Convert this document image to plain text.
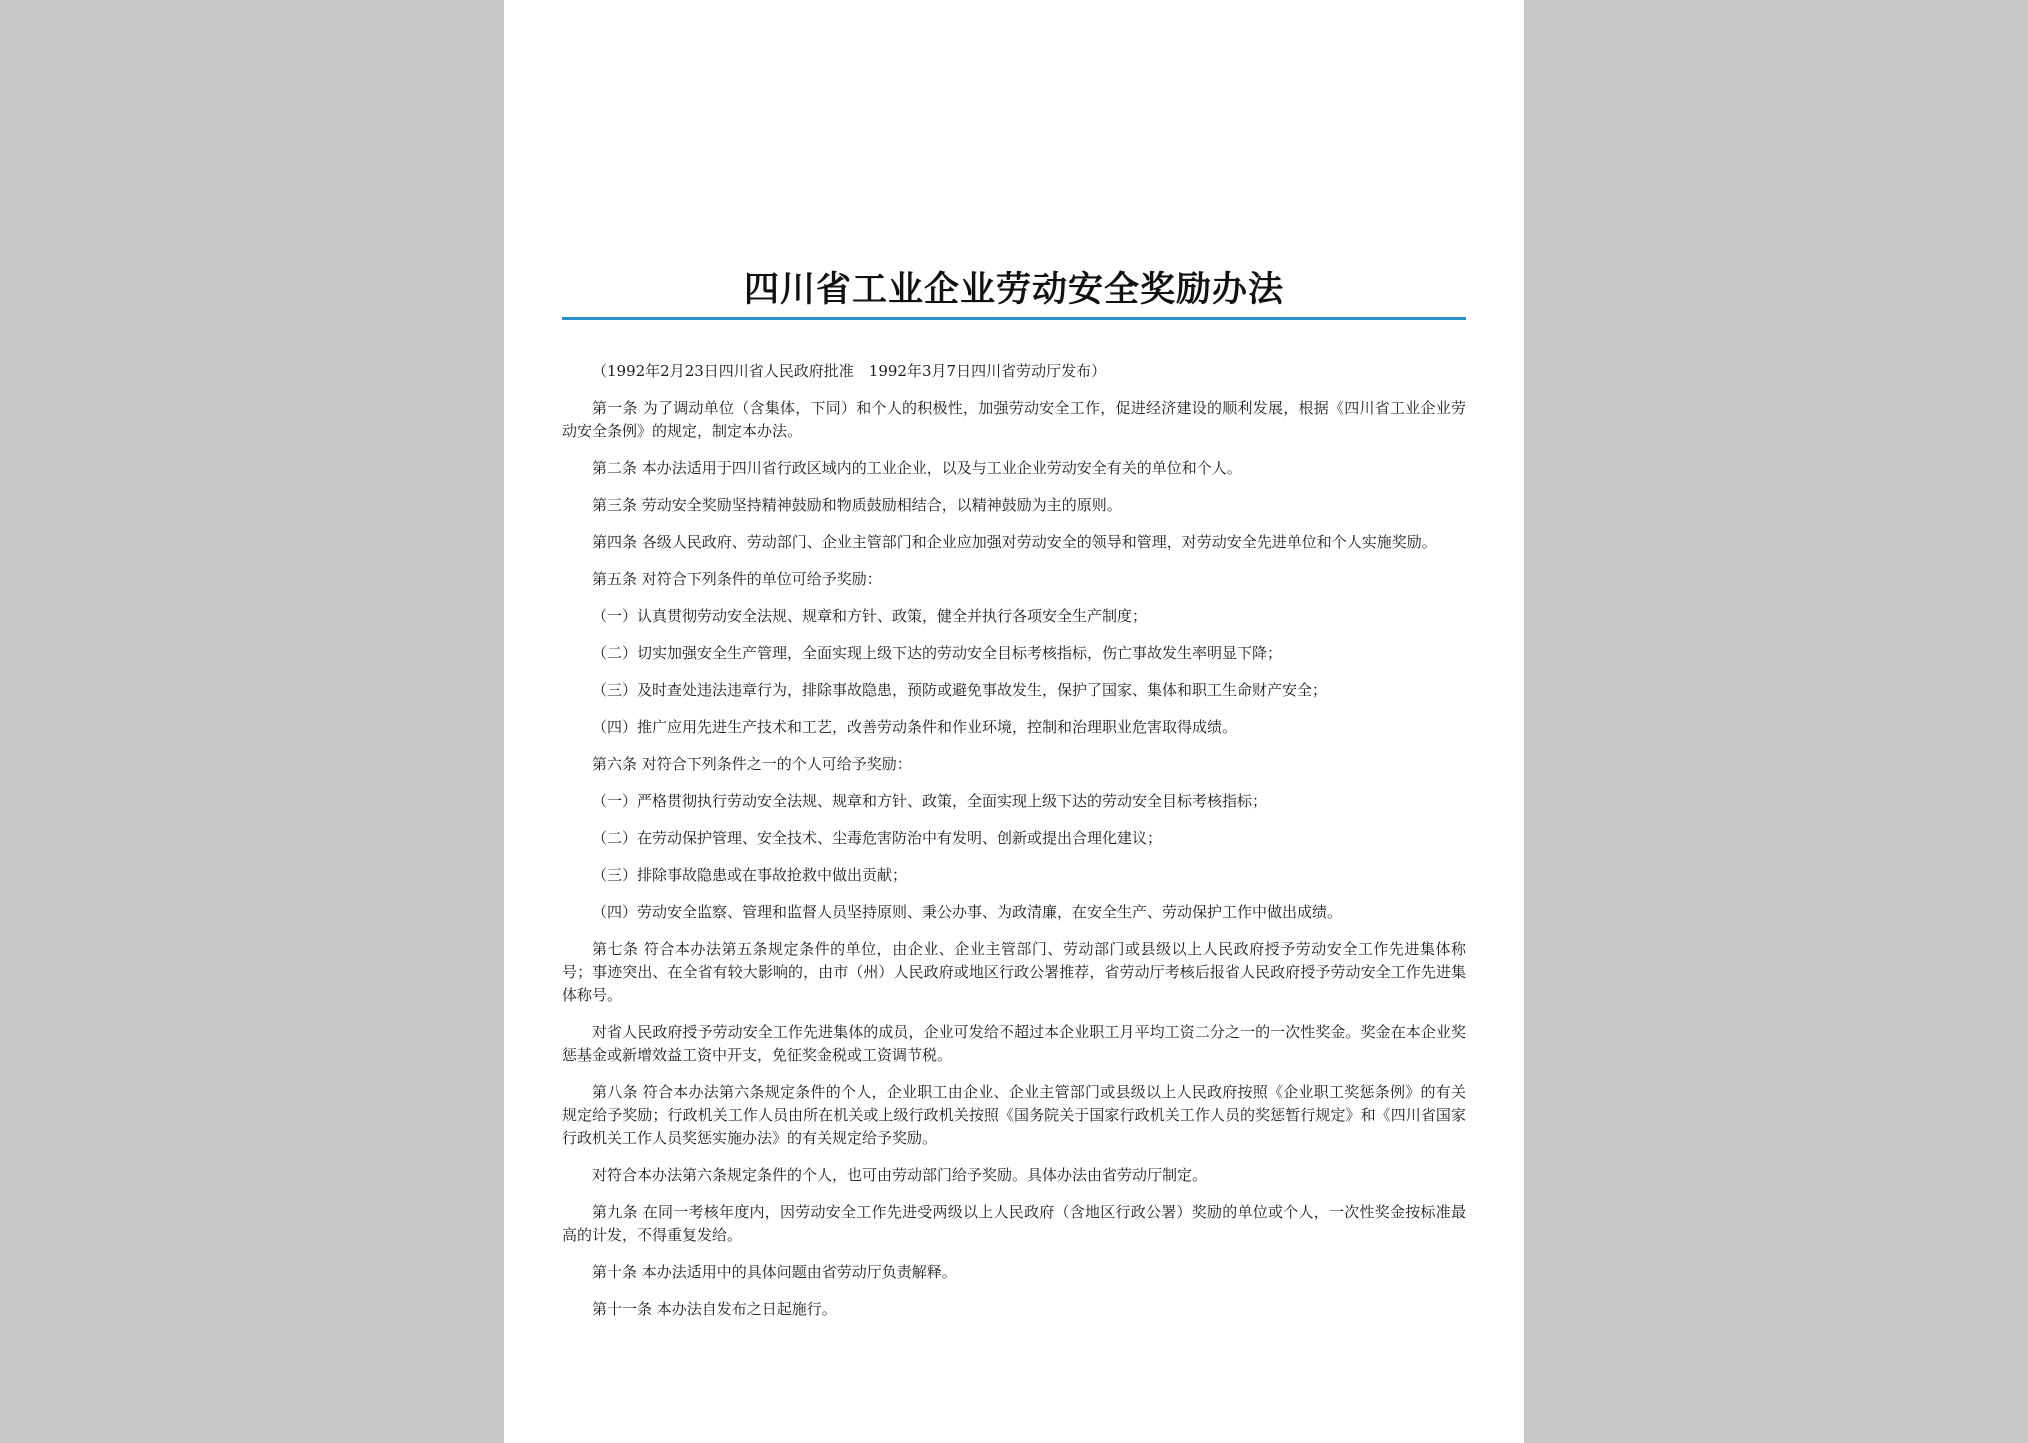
四川省工业企业劳动安全奖励办法

（1992年2月23日四川省人民政府批准　1992年3月7日四川省劳动厅发布）

第一条 为了调动单位（含集体，下同）和个人的积极性，加强劳动安全工作，促进经济建设的顺利发展，根据《四川省工业企业劳动安全条例》的规定，制定本办法。

第二条 本办法适用于四川省行政区域内的工业企业，以及与工业企业劳动安全有关的单位和个人。

第三条 劳动安全奖励坚持精神鼓励和物质鼓励相结合，以精神鼓励为主的原则。

第四条 各级人民政府、劳动部门、企业主管部门和企业应加强对劳动安全的领导和管理，对劳动安全先进单位和个人实施奖励。

第五条 对符合下列条件的单位可给予奖励：

（一）认真贯彻劳动安全法规、规章和方针、政策，健全并执行各项安全生产制度；

（二）切实加强安全生产管理，全面实现上级下达的劳动安全目标考核指标，伤亡事故发生率明显下降；

（三）及时查处违法违章行为，排除事故隐患，预防或避免事故发生，保护了国家、集体和职工生命财产安全；

（四）推广应用先进生产技术和工艺，改善劳动条件和作业环境，控制和治理职业危害取得成绩。

第六条 对符合下列条件之一的个人可给予奖励：

（一）严格贯彻执行劳动安全法规、规章和方针、政策，全面实现上级下达的劳动安全目标考核指标；

（二）在劳动保护管理、安全技术、尘毒危害防治中有发明、创新或提出合理化建议；

（三）排除事故隐患或在事故抢救中做出贡献；

（四）劳动安全监察、管理和监督人员坚持原则、秉公办事、为政清廉，在安全生产、劳动保护工作中做出成绩。

第七条 符合本办法第五条规定条件的单位，由企业、企业主管部门、劳动部门或县级以上人民政府授予劳动安全工作先进集体称号；事迹突出、在全省有较大影响的，由市（州）人民政府或地区行政公署推荐，省劳动厅考核后报省人民政府授予劳动安全工作先进集体称号。

对省人民政府授予劳动安全工作先进集体的成员，企业可发给不超过本企业职工月平均工资二分之一的一次性奖金。奖金在本企业奖惩基金或新增效益工资中开支，免征奖金税或工资调节税。

第八条 符合本办法第六条规定条件的个人，企业职工由企业、企业主管部门或县级以上人民政府按照《企业职工奖惩条例》的有关规定给予奖励；行政机关工作人员由所在机关或上级行政机关按照《国务院关于国家行政机关工作人员的奖惩暂行规定》和《四川省国家行政机关工作人员奖惩实施办法》的有关规定给予奖励。

对符合本办法第六条规定条件的个人，也可由劳动部门给予奖励。具体办法由省劳动厅制定。

第九条 在同一考核年度内，因劳动安全工作先进受两级以上人民政府（含地区行政公署）奖励的单位或个人，一次性奖金按标准最高的计发，不得重复发给。

第十条 本办法适用中的具体问题由省劳动厅负责解释。

第十一条 本办法自发布之日起施行。
